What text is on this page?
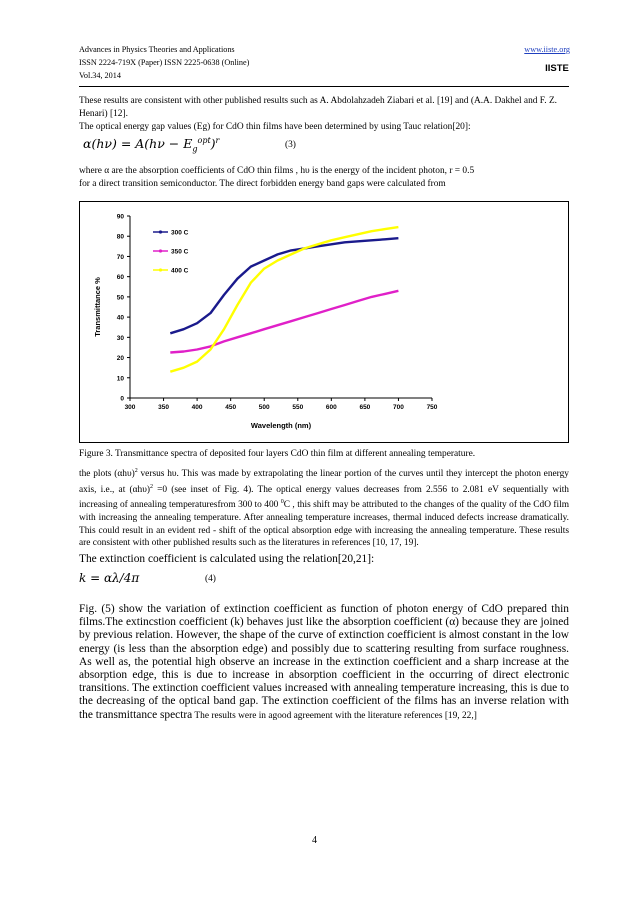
Advances in Physics Theories and Applications
ISSN 2224-719X (Paper) ISSN 2225-0638 (Online)
Vol.34, 2014
www.iiste.org
IISTE
These results are consistent with other published results such as A. Abdolahzadeh Ziabari et al. [19] and (A.A. Dakhel and F. Z. Henari) [12].
The optical energy gap values (Eg) for CdO thin films have been determined by using Tauc relation[20]:
$\alpha(h\nu) = A(h\nu - E_g^{opt})^r$	(3)
where α are the absorption coefficients of CdO thin films , hυ is the energy of the incident photon, r = 0.5
for a direct transition semiconductor. The direct forbidden energy band gaps were calculated from
0
10
20
30
40
50
60
70
80
90
300	350	400	450	500	550	600	650	700	750
Wavelength (nm)
Transmittance %
300 C
350 C
400 C
Figure 3. Transmittance spectra of deposited four layers CdO thin film at different annealing temperature.
the plots $(\alpha h\upsilon)^2$ versus hυ. This was made by extrapolating the linear portion of the curves until they intercept the photon energy axis, i.e., at $(\alpha h\upsilon)^2 =0$ (see inset of Fig. 4). The optical energy values decreases from 2.556 to 2.081 eV sequentially with increasing of annealing temperaturesfrom 300 to 400 $^0$C , this shift may be attributed to the changes of the quality of the CdO film with increasing the annealing temperature. After annealing temperature increases, thermal induced defects increase dramatically. This could result in an evident red - shift of the optical absorption edge with increasing the annealing temperature. These results are consistent with other published results such as the literatures in references [10, 17, 19].
The extinction coefficient is calculated using the relation[20,21]:
k = αλ/4π	(4)
Fig. (5) show the variation of extinction coefficient as function of photon energy of CdO prepared thin films.The extincstion coefficient (k) behaves just like the absorption coefficient (α) because they are joined by previous relation. However, the shape of the curve of extinction coefficient is almost constant in the low energy (is less than the absorption edge) and possibly due to scattering resulting from surface roughness. As well as, the potential high observe an increase in the extinction coefficient and a sharp increase at the absorption edge, this is due to increase in absorption coefficient in the occurring of direct electronic transitions. The extinction coefficient values increased with annealing temperature increasing, this is due to the decreasing of the optical band gap. The extinction coefficient of the films has an inverse relation with the transmittance spectra The results were in agood agreement with the literature references [19, 22,]
4
